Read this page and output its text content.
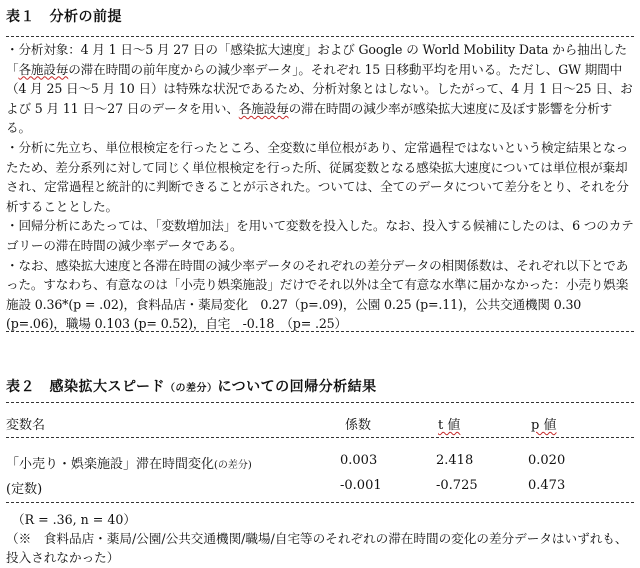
表１　分析の前提

・分析対象：4 月 1 日〜5 月 27 日の「感染拡大速度」および Google の World Mobility Data から抽出した「各施設毎の滞在時間の前年度からの減少率データ」。それぞれ 15 日移動平均を用いる。ただし、GW 期間中（4 月 25 日〜5 月 10 日）は特殊な状況であるため、分析対象とはしない。したがって、4 月 1 日〜25 日、および 5 月 11 日〜27 日のデータを用い、各施設毎の滞在時間の減少率が感染拡大速度に及ぼす影響を分析する。

・分析に先立ち、単位根検定を行ったところ、全変数に単位根があり、定常過程ではないという検定結果となったため、差分系列に対して同じく単位根検定を行った所、従属変数となる感染拡大速度については単位根が棄却され、定常過程と統計的に判断できることが示された。ついては、全てのデータについて差分をとり、それを分析することとした。

・回帰分析にあたっては、「変数増加法」を用いて変数を投入した。なお、投入する候補にしたのは、6 つのカテゴリーの滞在時間の減少率データである。

・なお、感染拡大速度と各滞在時間の減少率データのそれぞれの差分データの相関係数は、それぞれ以下とであった。すなわち、有意なのは「小売り娯楽施設」だけでそれ以外は全て有意な水準に届かなかった：小売り娯楽施設 0.36*(p = .02)，食料品店・薬局変化　0.27（p=.09)，公園 0.25 (p=.11)，公共交通機関 0.30 (p=.06)，職場 0.103 (p= 0.52)，自宅　-0.18　（p= .25）

表２　感染拡大スピード（の差分）についての回帰分析結果
変数名	係数	t 値	p 値
「小売り・娯楽施設」滞在時間変化(の差分)	0.003	2.418	0.020
(定数)	-0.001	-0.725	0.473

（R = .36, n = 40）

（※　食料品店・薬局/公園/公共交通機関/職場/自宅等のそれぞれの滞在時間の変化の差分データはいずれも、投入されなかった）
